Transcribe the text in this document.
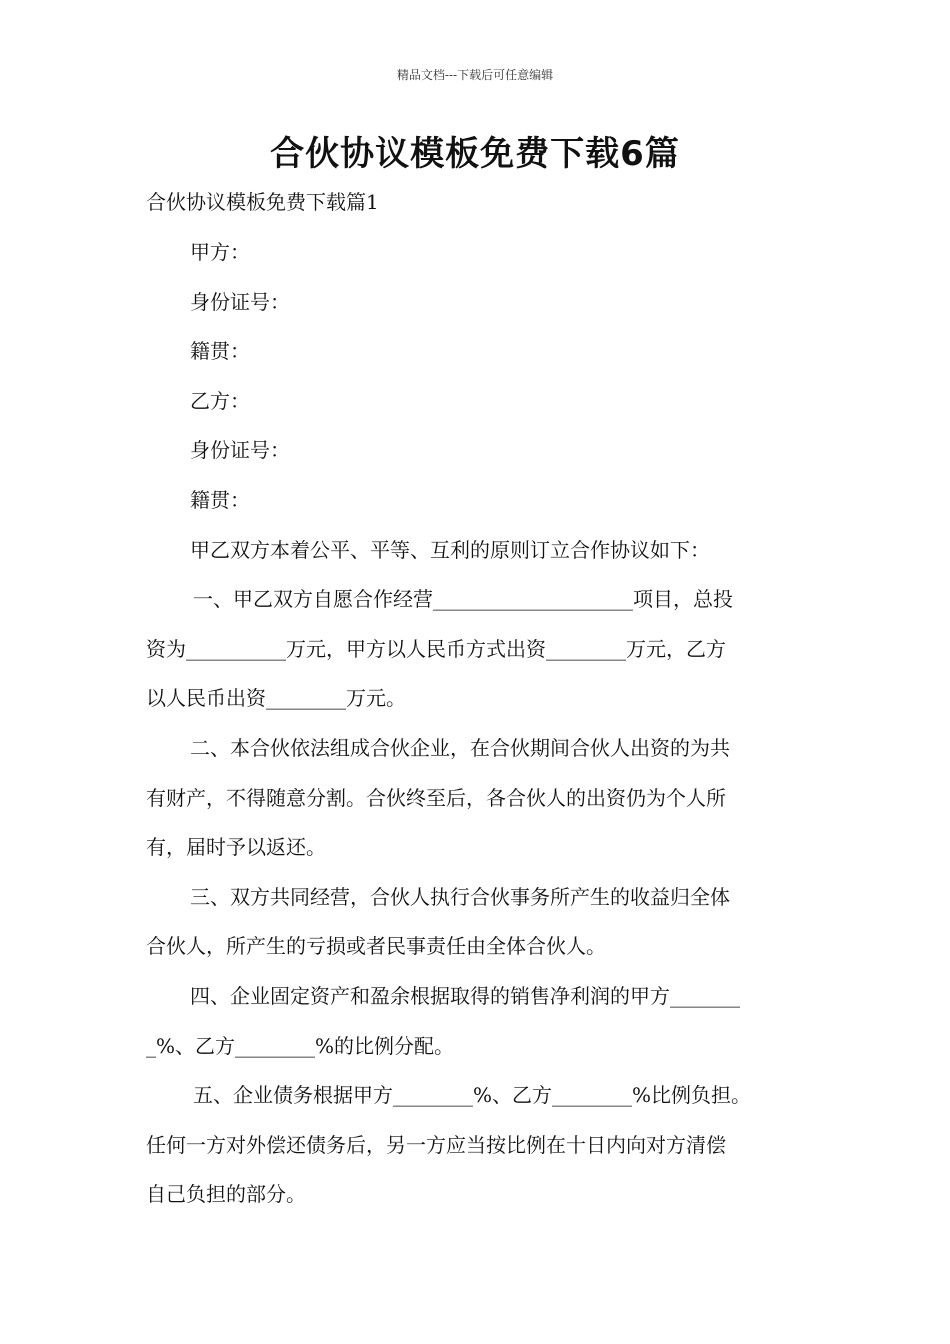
精品文档---下载后可任意编辑
合伙协议模板免费下载6篇
合伙协议模板免费下载篇1
甲方：
身份证号：
籍贯：
乙方：
身份证号：
籍贯：
甲乙双方本着公平、平等、互利的原则订立合作协议如下：
一、甲乙双方自愿合作经营____________________项目，总投
资为__________万元，甲方以人民币方式出资________万元，乙方
以人民币出资________万元。
二、本合伙依法组成合伙企业，在合伙期间合伙人出资的为共
有财产，不得随意分割。合伙终至后，各合伙人的出资仍为个人所
有，届时予以返还。
三、双方共同经营，合伙人执行合伙事务所产生的收益归全体
合伙人，所产生的亏损或者民事责任由全体合伙人。
四、企业固定资产和盈余根据取得的销售净利润的甲方_______
_%、乙方________%的比例分配。
五、企业债务根据甲方________%、乙方________%比例负担。
任何一方对外偿还债务后，另一方应当按比例在十日内向对方清偿
自己负担的部分。
